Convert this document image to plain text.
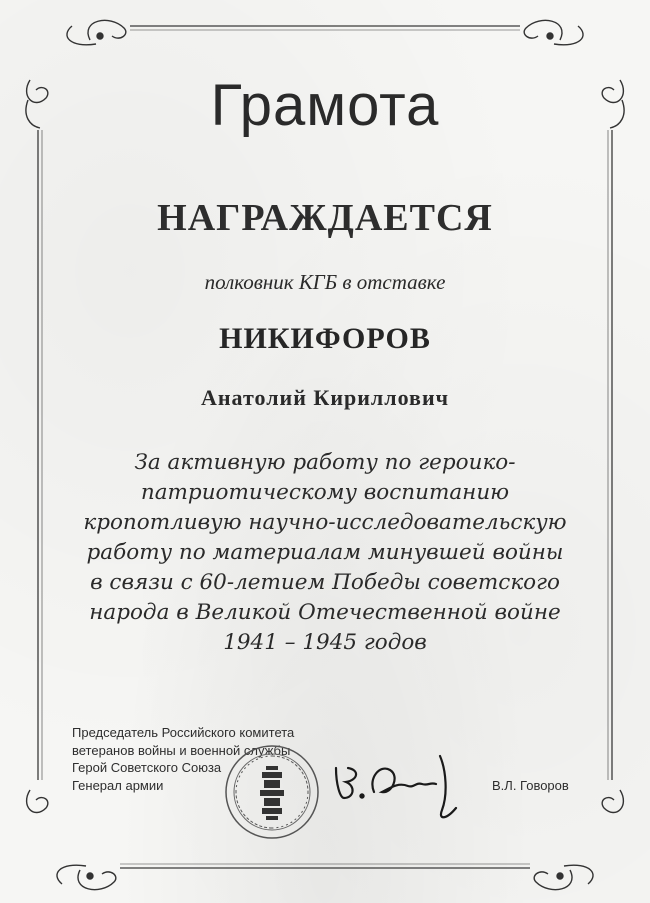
Грамота
НАГРАЖДАЕТСЯ
полковник КГБ в отставке
НИКИФОРОВ
Анатолий Кириллович
За активную работу по героико-
патриотическому воспитанию
кропотливую научно-исследовательскую
работу по материалам минувшей войны
в связи с 60-летием Победы советского
народа в Великой Отечественной войне
1941 – 1945 годов
Председатель Российского комитета
ветеранов войны и военной службы
Герой Советского Союза
Генерал армии	В.Л. Говоров
